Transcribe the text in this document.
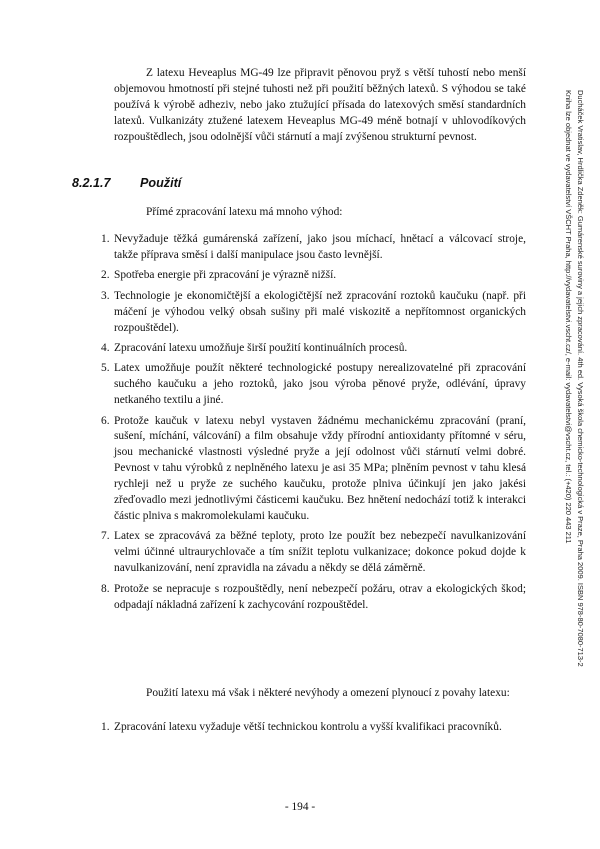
Z latexu Heveaplus MG-49 lze připravit pěnovou pryž s větší tuhostí nebo menší objemovou hmotností při stejné tuhosti než při použití běžných latexů. S výhodou se také používá k výrobě adheziv, nebo jako ztužující přísada do latexových směsí standardních latexů. Vulkanizáty ztužené latexem Heveaplus MG-49 méně botnají v uhlovodíkových rozpouštědlech, jsou odolnější vůči stárnutí a mají zvýšenou strukturní pevnost.

8.2.1.7 Použití

Přímé zpracování latexu má mnoho výhod:

1. Nevyžaduje těžká gumárenská zařízení, jako jsou míchací, hnětací a válcovací stroje, takže příprava směsí i další manipulace jsou často levnější.
2. Spotřeba energie při zpracování je výrazně nižší.
3. Technologie je ekonomičtější a ekologičtější než zpracování roztoků kaučuku (např. při máčení je výhodou velký obsah sušiny při malé viskozitě a nepřítomnost organických rozpouštědel).
4. Zpracování latexu umožňuje širší použití kontinuálních procesů.
5. Latex umožňuje použít některé technologické postupy nerealizovatelné při zpracování suchého kaučuku a jeho roztoků, jako jsou výroba pěnové pryže, odlévání, úpravy netkaného textilu a jiné.
6. Protože kaučuk v latexu nebyl vystaven žádnému mechanickému zpracování (praní, sušení, míchání, válcování) a film obsahuje vždy přírodní antioxidanty přítomné v séru, jsou mechanické vlastnosti výsledné pryže a její odolnost vůči stárnutí velmi dobré. Pevnost v tahu výrobků z neplněného latexu je asi 35 MPa; plněním pevnost v tahu klesá rychleji než u pryže ze suchého kaučuku, protože plniva účinkují jen jako jakési zřeďovadlo mezi jednotlivými částicemi kaučuku. Bez hnětení nedochází totiž k interakci částic plniva s makromolekulami kaučuku.
7. Latex se zpracovává za běžné teploty, proto lze použít bez nebezpečí navulkanizování velmi účinné ultraurychlovače a tím snížit teplotu vulkanizace; dokonce pokud dojde k navulkanizování, není zpravidla na závadu a někdy se dělá záměrně.
8. Protože se nepracuje s rozpouštědly, není nebezpečí požáru, otrav a ekologických škod; odpadají nákladná zařízení k zachycování rozpouštědel.

Použití latexu má však i některé nevýhody a omezení plynoucí z povahy latexu:

1. Zpracování latexu vyžaduje větší technickou kontrolu a vyšší kvalifikaci pracovníků.
Ducháček Vratislav, Hrdlička Zdeněk: Gumárenské suroviny a jejich zpracování. 4th ed. Vysoká škola chemicko-technologická v Praze, Praha 2009. ISBN 978-80-7080-713-2
Kniha lze objednat ve vydavatelství VŠCHT Praha, http://vydavatelstvi.vscht.cz/, e-mail: vydavatelstvi@vscht.cz, tel.: (+420) 220 443 211
- 194 -
